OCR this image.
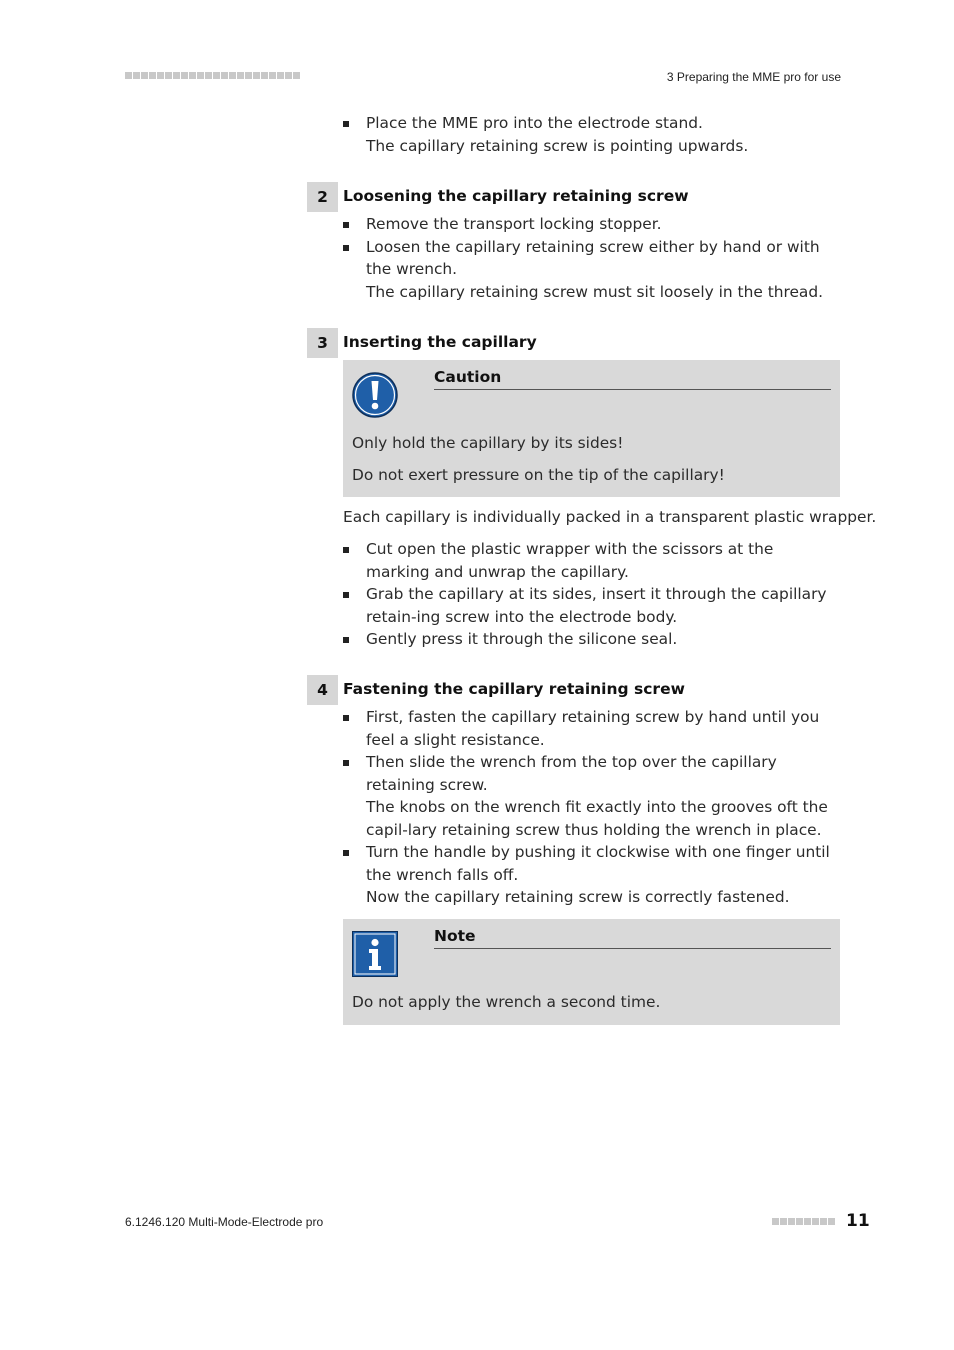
3 Preparing the MME pro for use
Place the MME pro into the electrode stand.
The capillary retaining screw is pointing upwards.
2 Loosening the capillary retaining screw
Remove the transport locking stopper.
Loosen the capillary retaining screw either by hand or with the wrench.
The capillary retaining screw must sit loosely in the thread.
3 Inserting the capillary
Caution

Only hold the capillary by its sides!

Do not exert pressure on the tip of the capillary!

Each capillary is individually packed in a transparent plastic wrapper.
Cut open the plastic wrapper with the scissors at the marking and unwrap the capillary.
Grab the capillary at its sides, insert it through the capillary retain-ing screw into the electrode body.
Gently press it through the silicone seal.
4 Fastening the capillary retaining screw
First, fasten the capillary retaining screw by hand until you feel a slight resistance.
Then slide the wrench from the top over the capillary retaining screw.
The knobs on the wrench fit exactly into the grooves oft the capil-lary retaining screw thus holding the wrench in place.
Turn the handle by pushing it clockwise with one finger until the wrench falls off.
Now the capillary retaining screw is correctly fastened.
Note

Do not apply the wrench a second time.

6.1246.120 Multi-Mode-Electrode pro	11
